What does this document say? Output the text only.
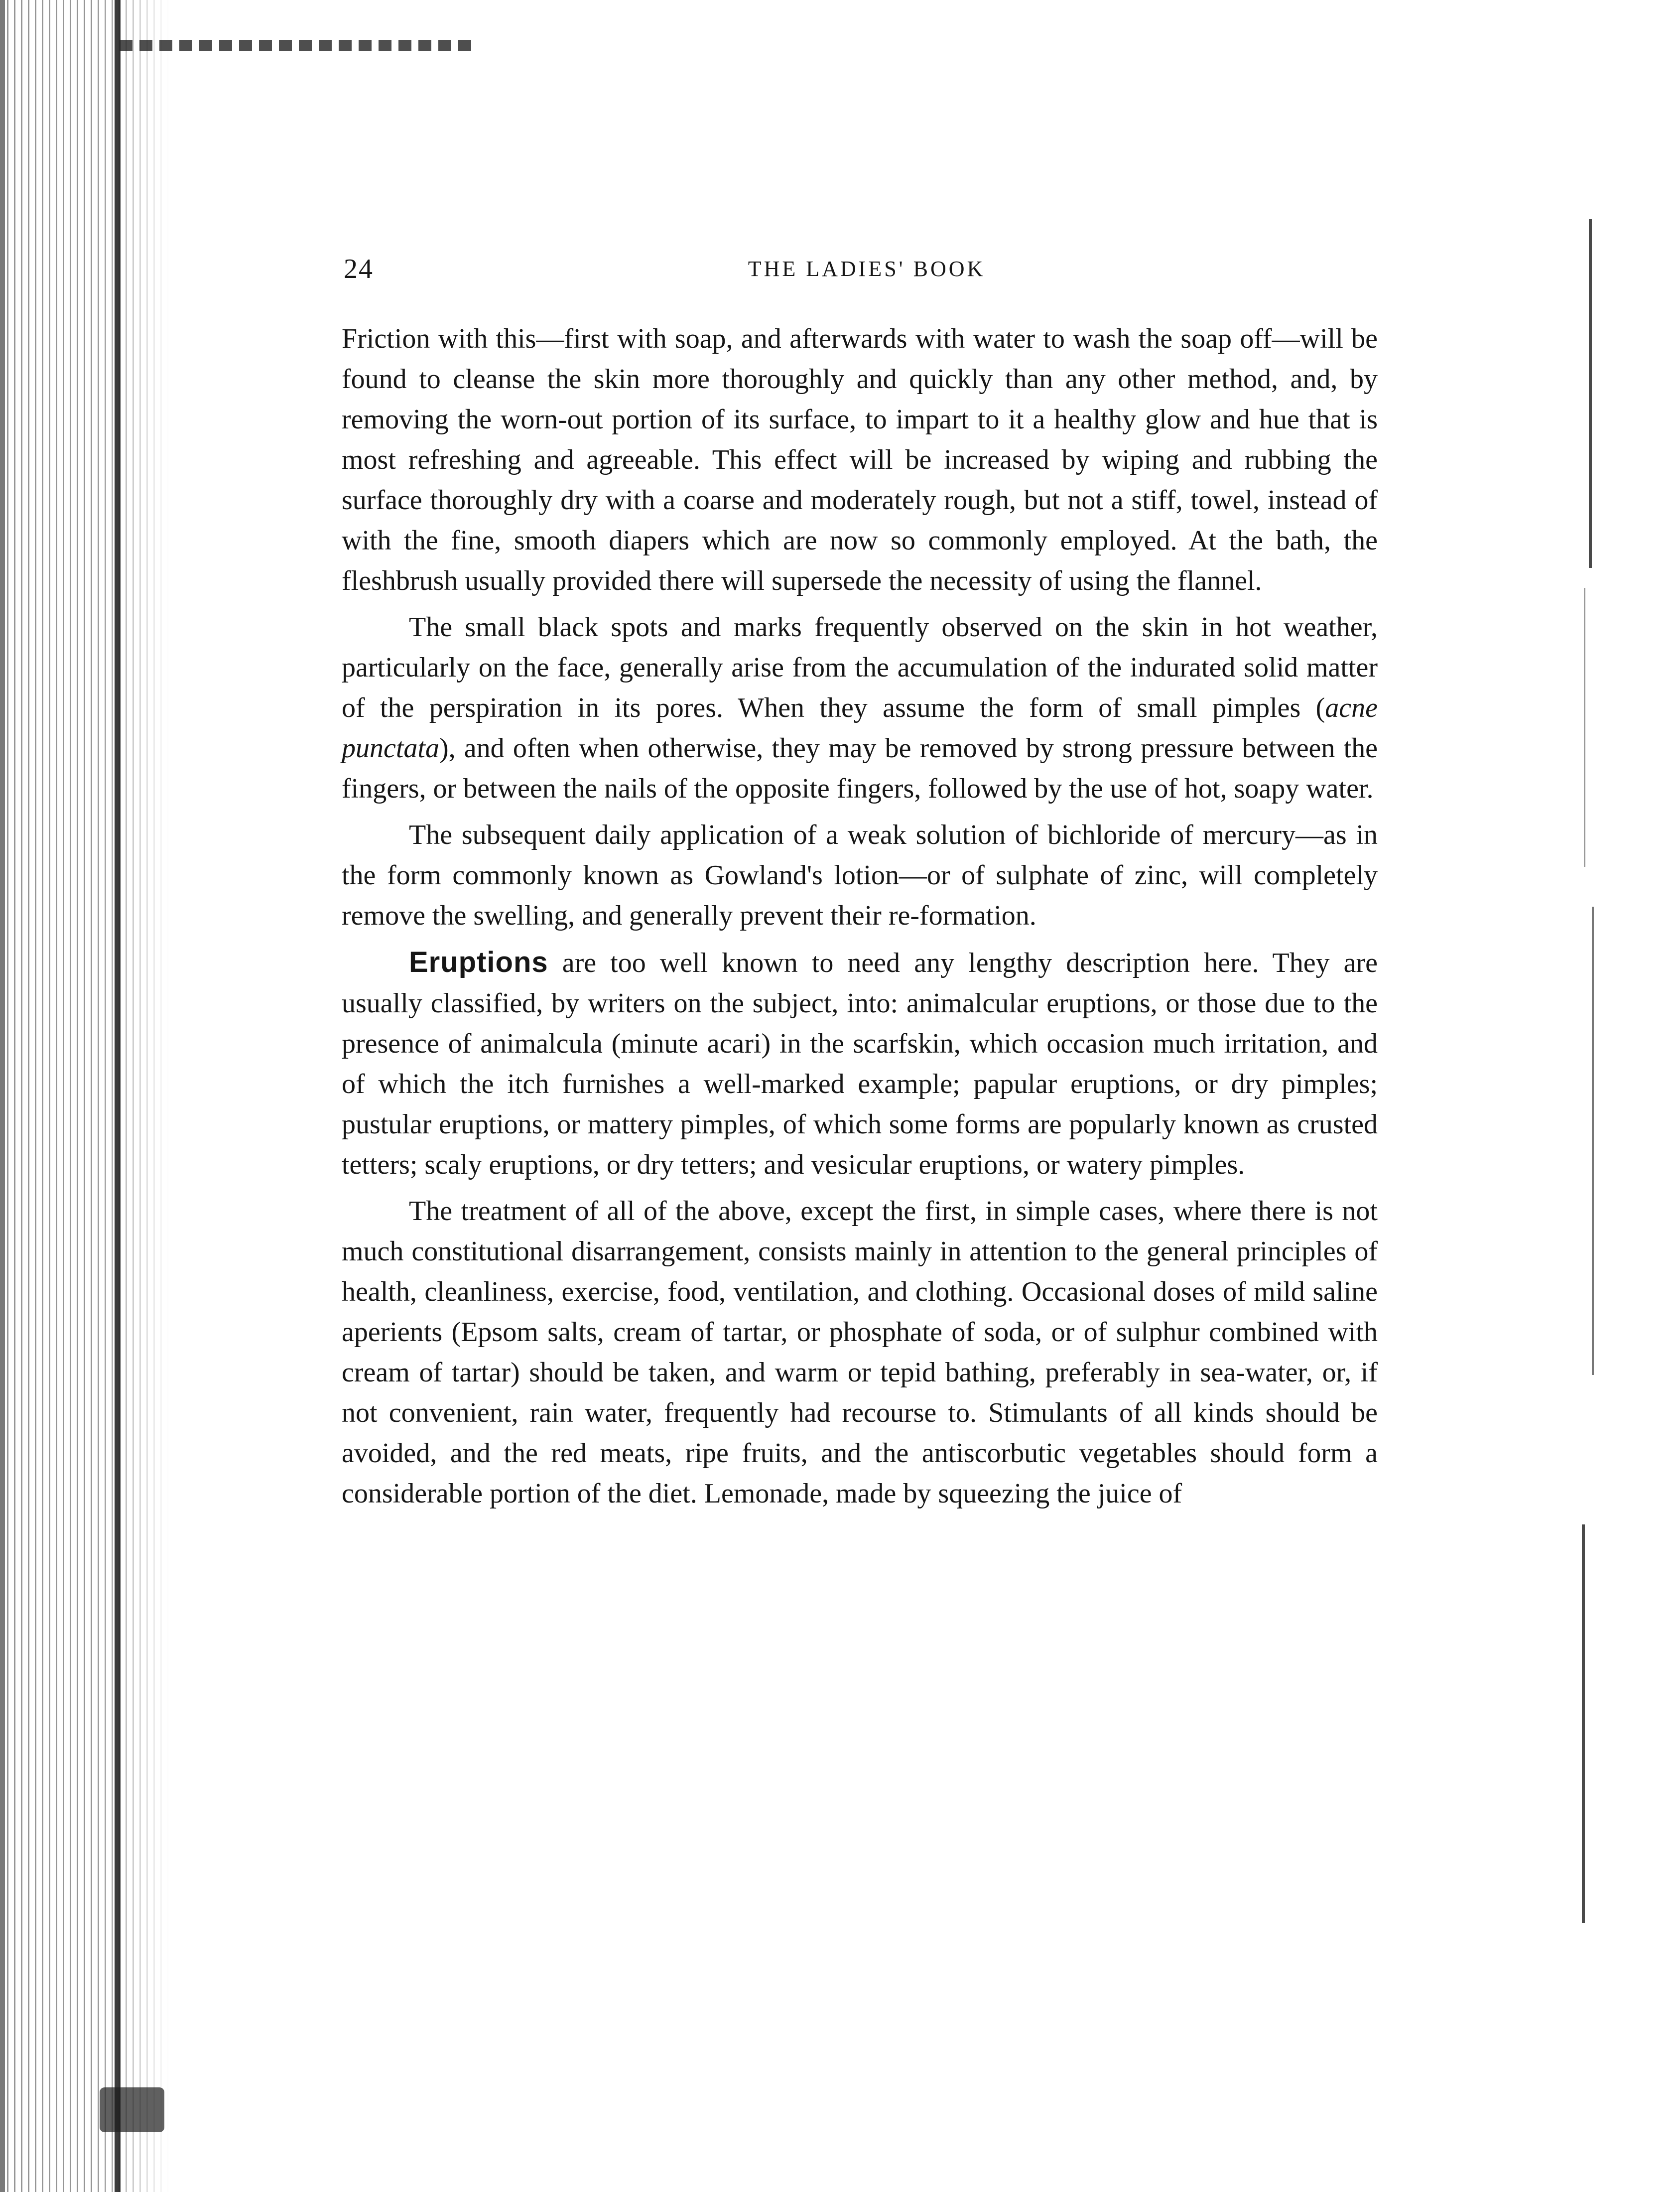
24	THE LADIES' BOOK

Friction with this—first with soap, and afterwards with water to wash the soap off—will be found to cleanse the skin more thoroughly and quickly than any other method, and, by removing the worn-out portion of its surface, to impart to it a healthy glow and hue that is most refreshing and agreeable. This effect will be increased by wiping and rubbing the surface thoroughly dry with a coarse and moderately rough, but not a stiff, towel, instead of with the fine, smooth diapers which are now so commonly employed. At the bath, the fleshbrush usually provided there will supersede the necessity of using the flannel.

The small black spots and marks frequently observed on the skin in hot weather, particularly on the face, generally arise from the accumulation of the indurated solid matter of the perspiration in its pores. When they assume the form of small pimples (acne punctata), and often when otherwise, they may be removed by strong pressure between the fingers, or between the nails of the opposite fingers, followed by the use of hot, soapy water.

The subsequent daily application of a weak solution of bichloride of mercury—as in the form commonly known as Gowland's lotion—or of sulphate of zinc, will completely remove the swelling, and generally prevent their re-formation.

Eruptions are too well known to need any lengthy description here. They are usually classified, by writers on the subject, into: animalcular eruptions, or those due to the presence of animalcula (minute acari) in the scarfskin, which occasion much irritation, and of which the itch furnishes a well-marked example; papular eruptions, or dry pimples; pustular eruptions, or mattery pimples, of which some forms are popularly known as crusted tetters; scaly eruptions, or dry tetters; and vesicular eruptions, or watery pimples.

The treatment of all of the above, except the first, in simple cases, where there is not much constitutional disarrangement, consists mainly in attention to the general principles of health, cleanliness, exercise, food, ventilation, and clothing. Occasional doses of mild saline aperients (Epsom salts, cream of tartar, or phosphate of soda, or of sulphur combined with cream of tartar) should be taken, and warm or tepid bathing, preferably in sea-water, or, if not convenient, rain water, frequently had recourse to. Stimulants of all kinds should be avoided, and the red meats, ripe fruits, and the antiscorbutic vegetables should form a considerable portion of the diet. Lemonade, made by squeezing the juice of
